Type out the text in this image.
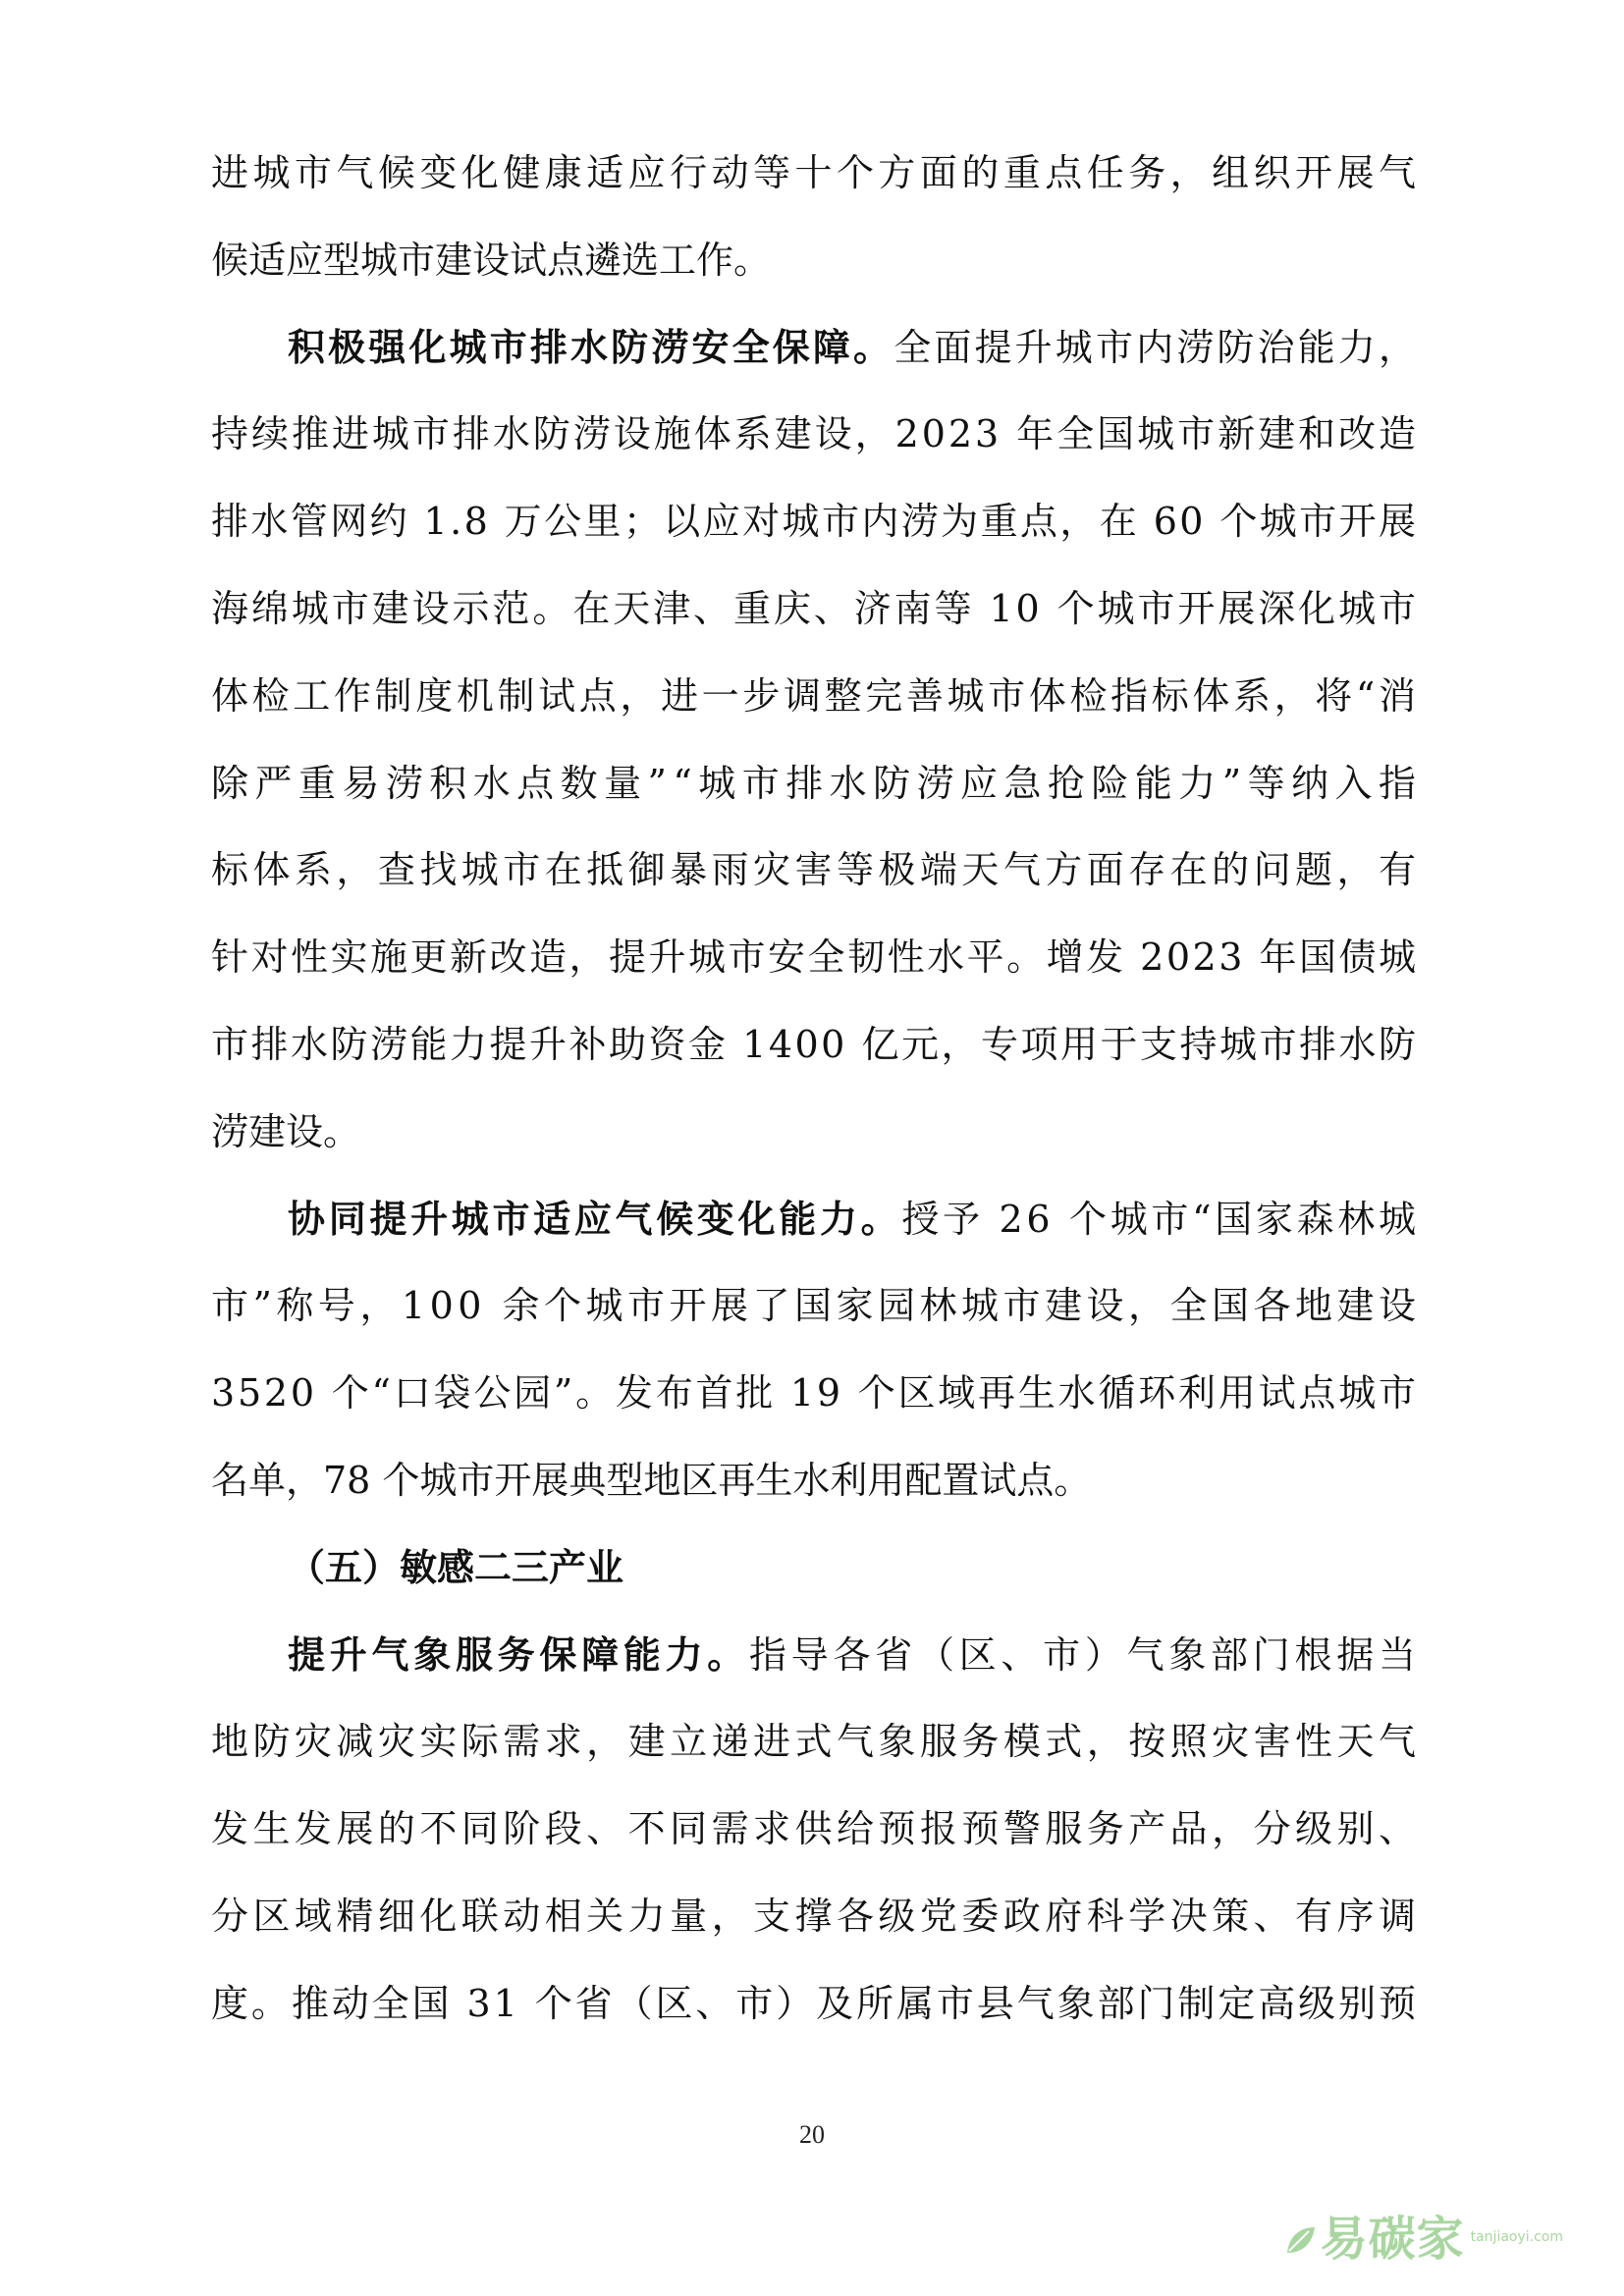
进城市气候变化健康适应行动等十个方面的重点任务，组织开展气
候适应型城市建设试点遴选工作。
积极强化城市排水防涝安全保障。全面提升城市内涝防治能力，
持续推进城市排水防涝设施体系建设，2023 年全国城市新建和改造
排水管网约 1.8 万公里；以应对城市内涝为重点，在 60 个城市开展
海绵城市建设示范。在天津、重庆、济南等 10 个城市开展深化城市
体检工作制度机制试点，进一步调整完善城市体检指标体系，将“消
除严重易涝积水点数量”“城市排水防涝应急抢险能力”等纳入指
标体系，查找城市在抵御暴雨灾害等极端天气方面存在的问题，有
针对性实施更新改造，提升城市安全韧性水平。增发 2023 年国债城
市排水防涝能力提升补助资金 1400 亿元，专项用于支持城市排水防
涝建设。
协同提升城市适应气候变化能力。授予 26 个城市“国家森林城
市”称号，100 余个城市开展了国家园林城市建设，全国各地建设
3520 个“口袋公园”。发布首批 19 个区域再生水循环利用试点城市
名单，78 个城市开展典型地区再生水利用配置试点。
（五）敏感二三产业
提升气象服务保障能力。指导各省（区、市）气象部门根据当
地防灾减灾实际需求，建立递进式气象服务模式，按照灾害性天气
发生发展的不同阶段、不同需求供给预报预警服务产品，分级别、
分区域精细化联动相关力量，支撑各级党委政府科学决策、有序调
度。推动全国 31 个省（区、市）及所属市县气象部门制定高级别预
20
易碳家 tanjiaoyi.com
